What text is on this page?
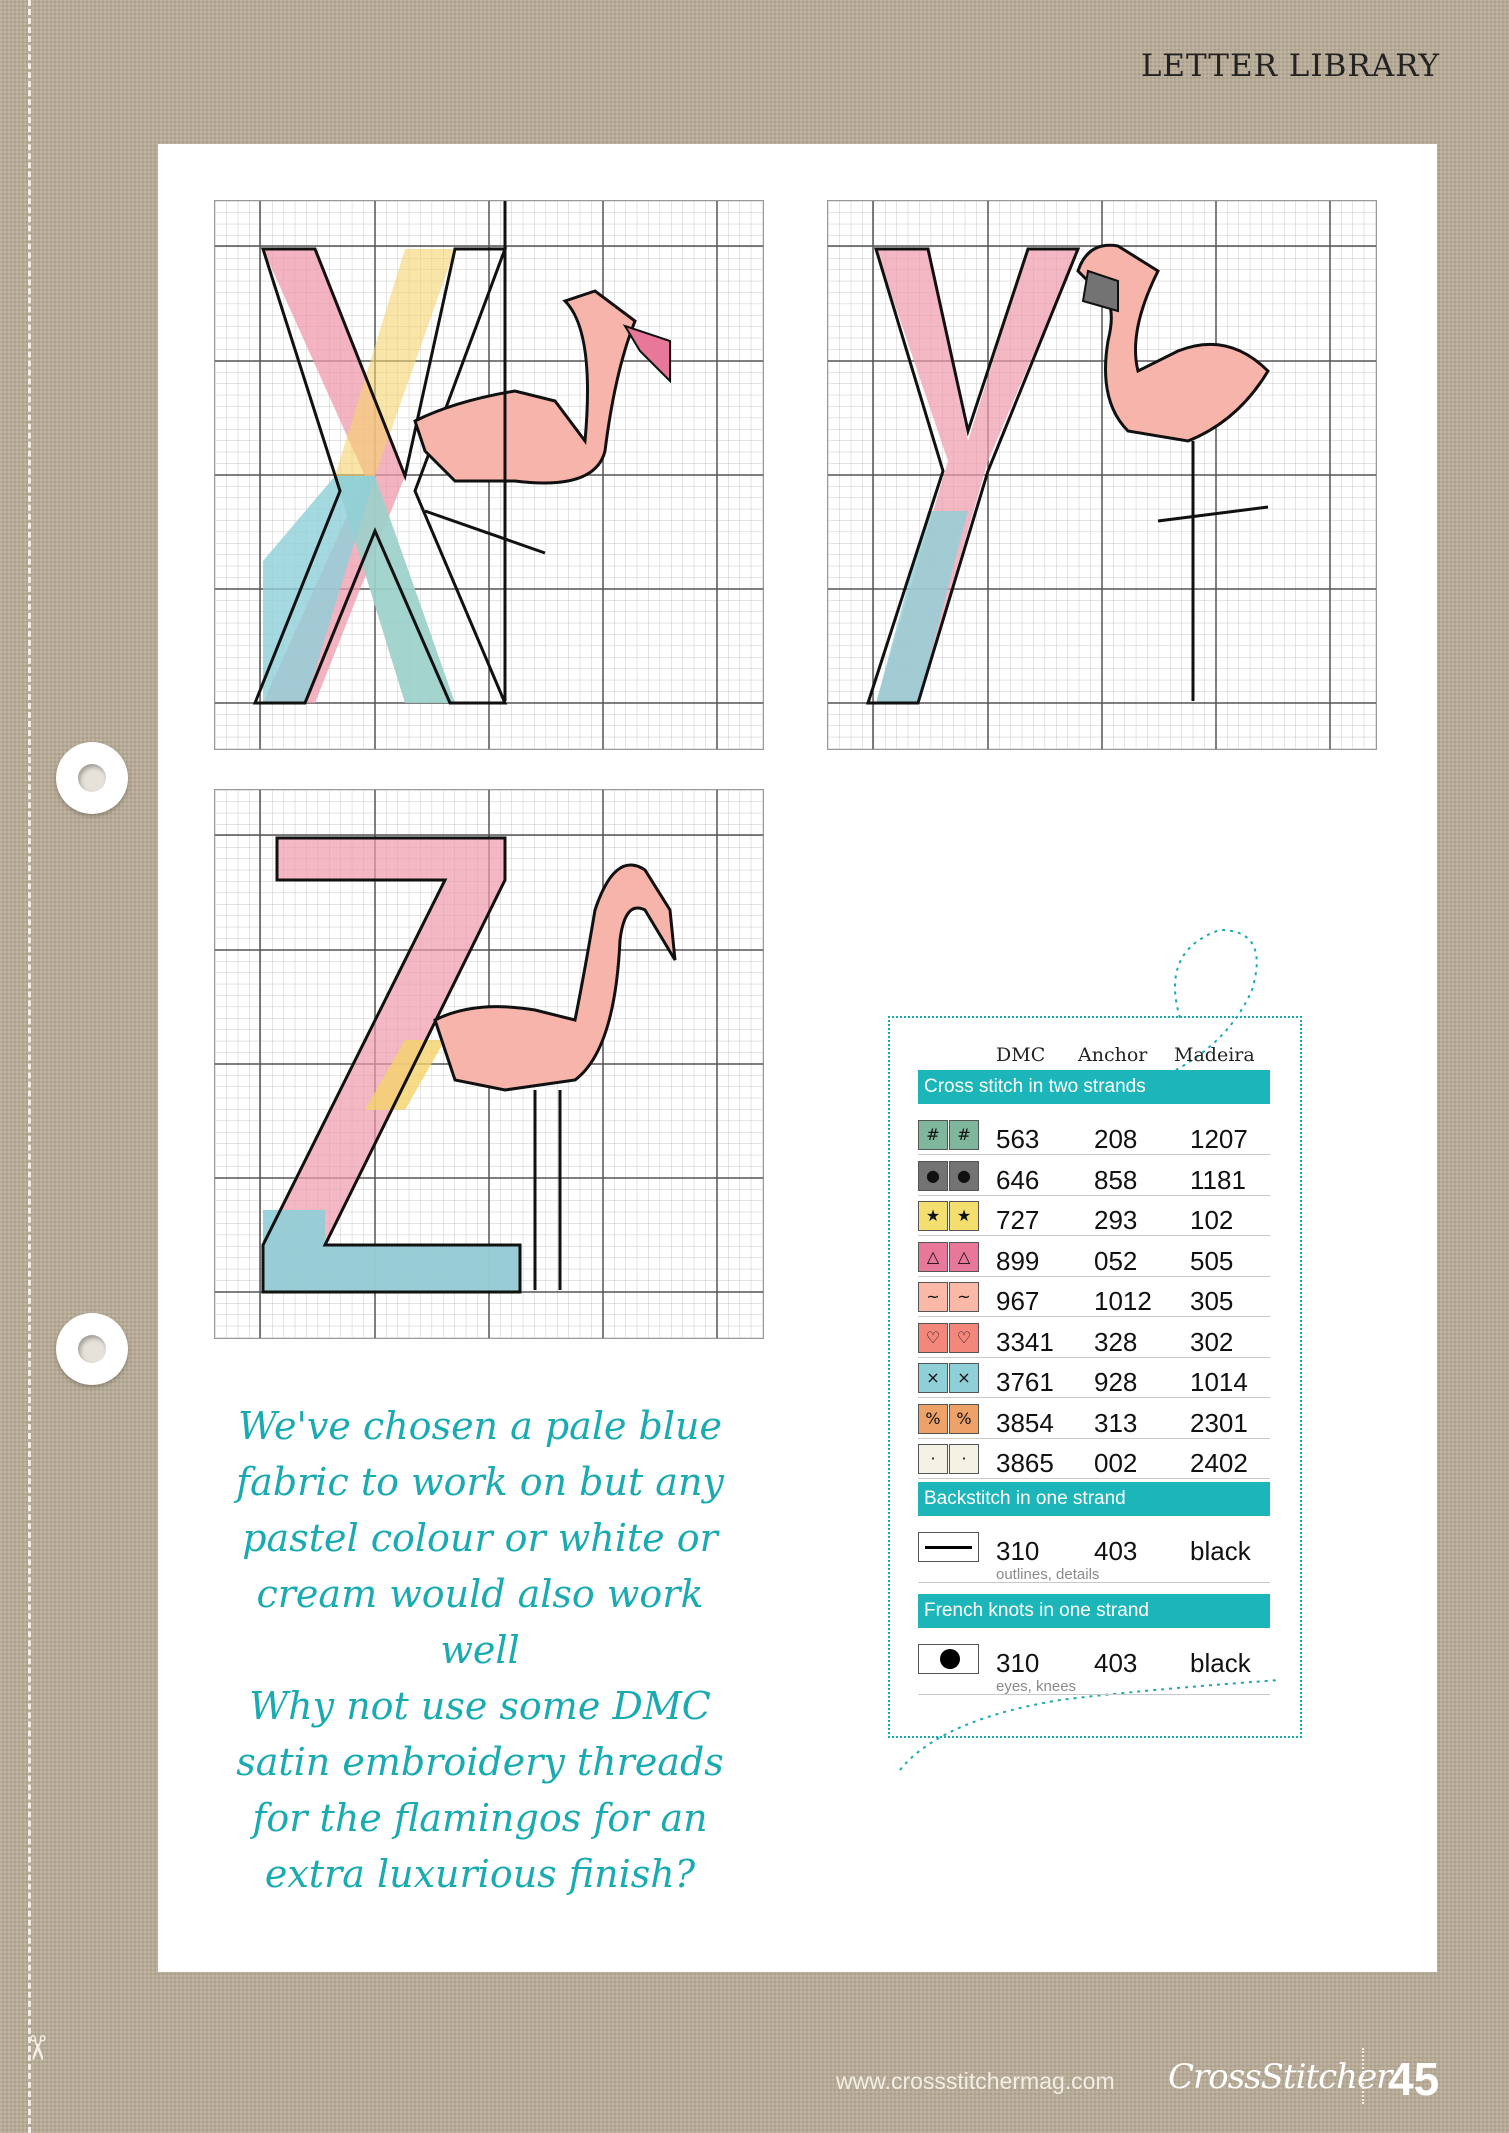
✂
LETTER LIBRARY
We've chosen a pale blue fabric to work on but any pastel colour or white or cream would also work well
Why not use some DMC satin embroidery threads for the flamingos for an extra luxurious finish?
DMC Anchor Madeira
Cross stitch in two strands
#	# 563 208 1207
●	● 646 858 1181
★	★ 727 293 102
△	△ 899 052 505
~	~ 967 1012 305
♡	♡ 3341 328 302
×	× 3761 928 1014
% % 3854 313 2301
·	·	3865 002 2402
Backstitch in one strand
310 403 black
outlines, details
French knots in one strand
310 403 black
eyes, knees
www.crossstitchermag.com CrossStitcher
45
